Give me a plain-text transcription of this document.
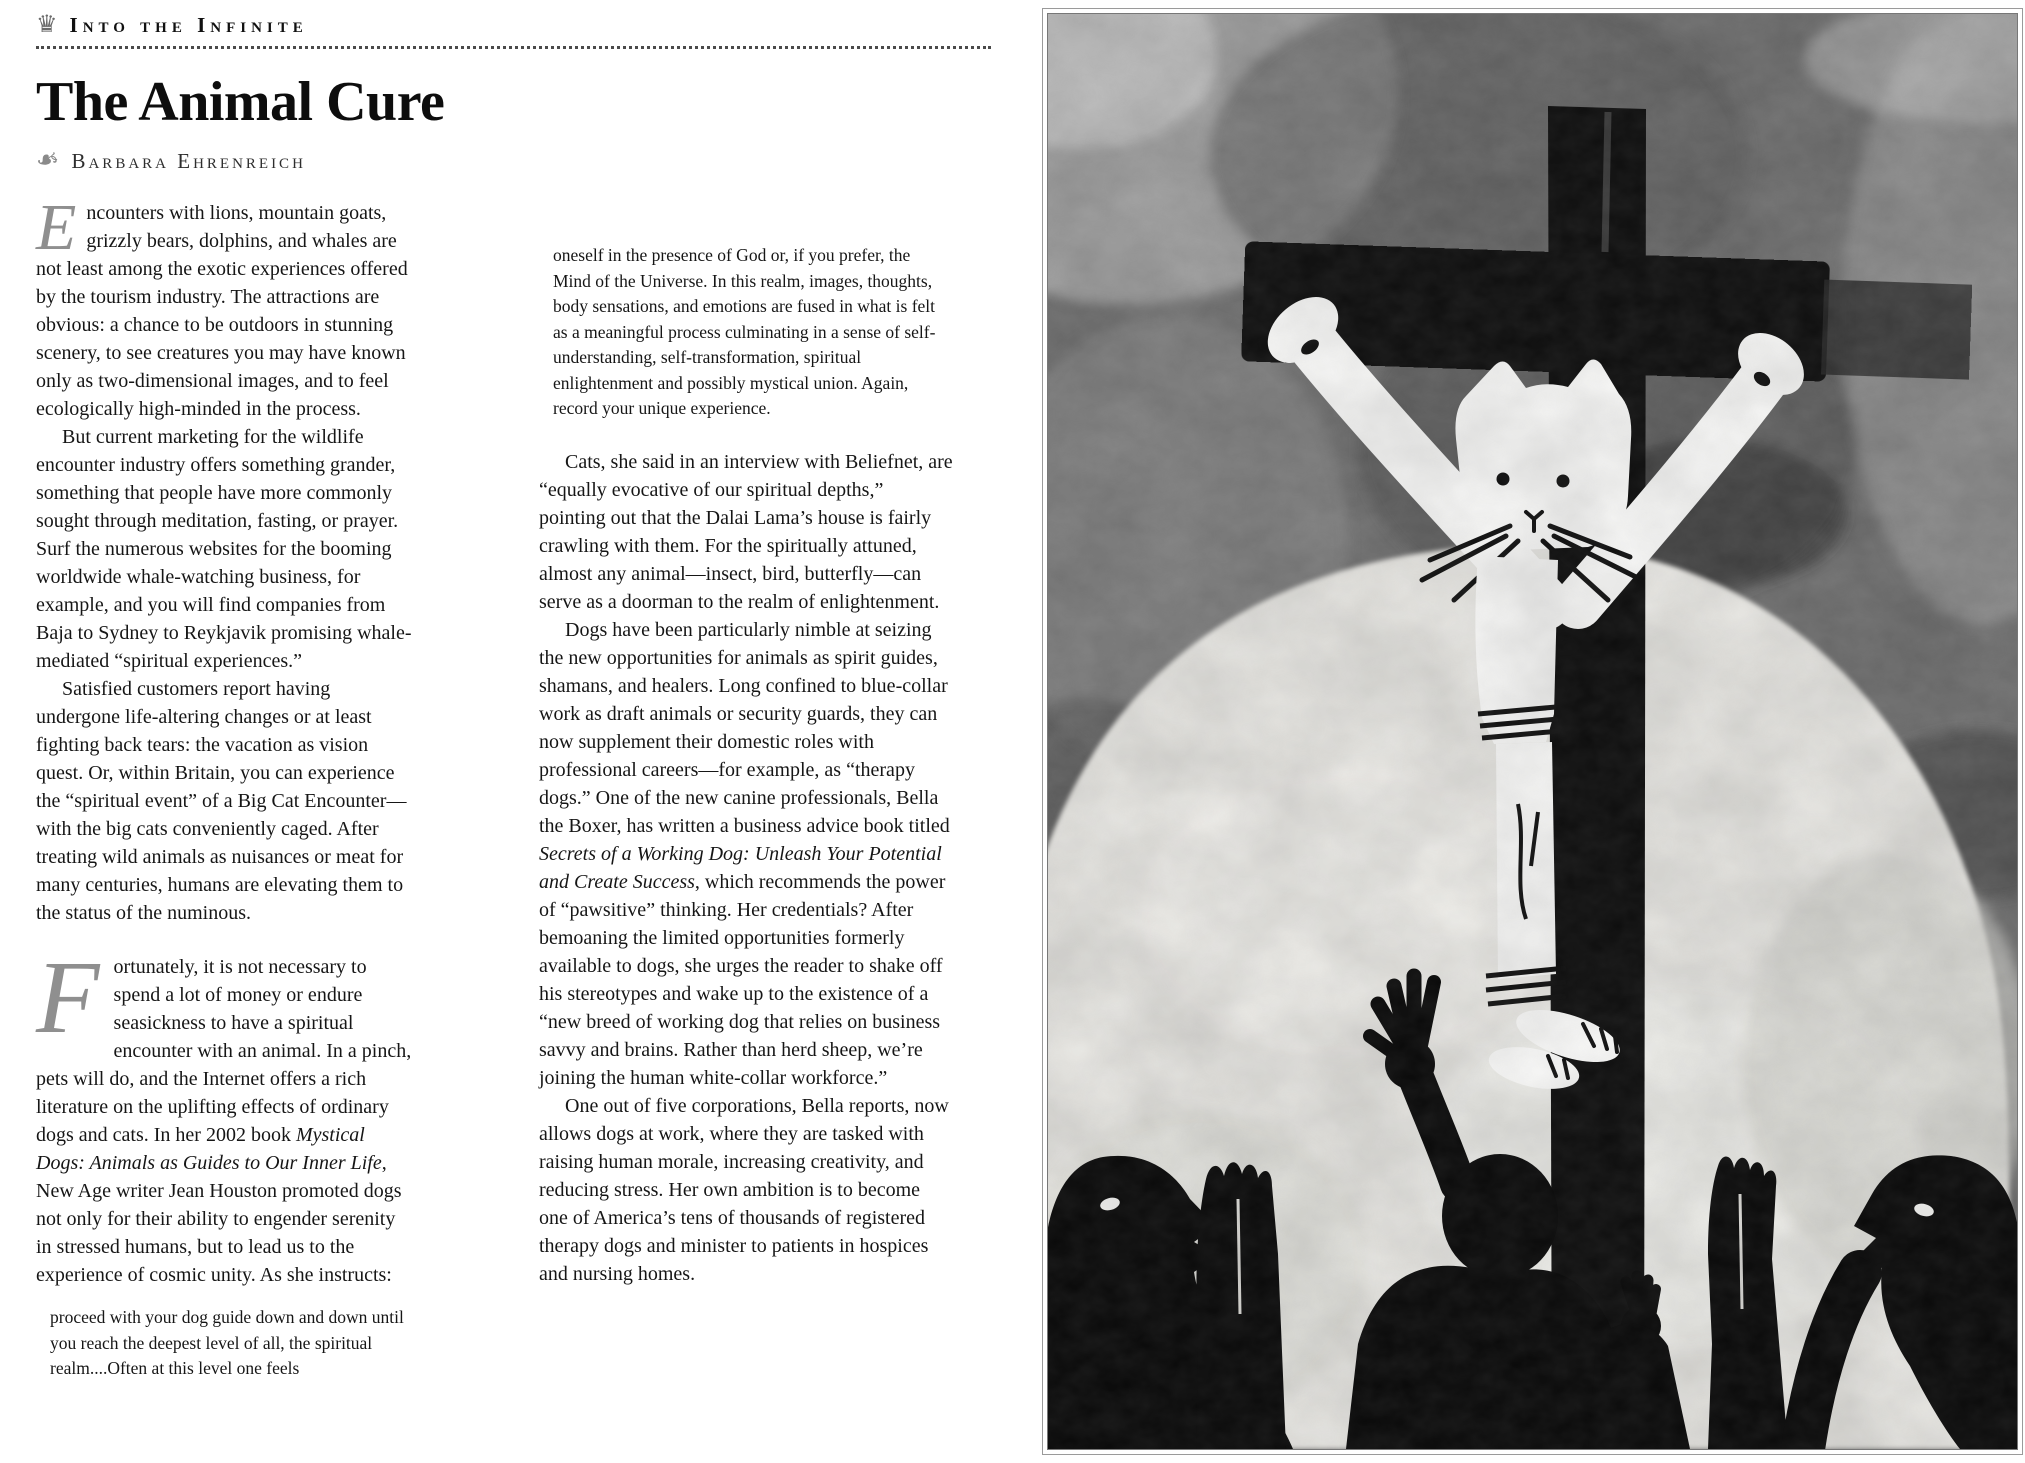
♛ Into the Infinite
The Animal Cure
❧ Barbara Ehrenreich

Encounters with lions, mountain goats, grizzly bears, dolphins, and whales are not least among the exotic experiences offered by the tourism industry. The attractions are obvious: a chance to be outdoors in stunning scenery, to see creatures you may have known only as two-dimensional images, and to feel ecologically high-minded in the process.

But current marketing for the wildlife encounter industry offers something grander, something that people have more commonly sought through meditation, fasting, or prayer. Surf the numerous websites for the booming worldwide whale-watching business, for example, and you will find companies from Baja to Sydney to Reykjavik promising whale-mediated “spiritual experiences.”

Satisfied customers report having undergone life-altering changes or at least fighting back tears: the vacation as vision quest. Or, within Britain, you can experience the “spiritual event” of a Big Cat Encounter—with the big cats conveniently caged. After treating wild animals as nuisances or meat for many centuries, humans are elevating them to the status of the numinous.

Fortunately, it is not necessary to spend a lot of money or endure seasickness to have a spiritual encounter with an animal. In a pinch, pets will do, and the Internet offers a rich literature on the uplifting effects of ordinary dogs and cats. In her 2002 book Mystical Dogs: Animals as Guides to Our Inner Life, New Age writer Jean Houston promoted dogs not only for their ability to engender serenity in stressed humans, but to lead us to the experience of cosmic unity. As she instructs:

proceed with your dog guide down and down until you reach the deepest level of all, the spiritual realm....Often at this level one feels

oneself in the presence of God or, if you prefer, the Mind of the Universe. In this realm, images, thoughts, body sensations, and emotions are fused in what is felt as a meaningful process culminating in a sense of self-understanding, self-transformation, spiritual enlightenment and possibly mystical union. Again, record your unique experience.

Cats, she said in an interview with Beliefnet, are “equally evocative of our spiritual depths,” pointing out that the Dalai Lama’s house is fairly crawling with them. For the spiritually attuned, almost any animal—insect, bird, butterfly—can serve as a doorman to the realm of enlightenment.

Dogs have been particularly nimble at seizing the new opportunities for animals as spirit guides, shamans, and healers. Long confined to blue-collar work as draft animals or security guards, they can now supplement their domestic roles with professional careers—for example, as “therapy dogs.” One of the new canine professionals, Bella the Boxer, has written a business advice book titled Secrets of a Working Dog: Unleash Your Potential and Create Success, which recommends the power of “pawsitive” thinking. Her credentials? After bemoaning the limited opportunities formerly available to dogs, she urges the reader to shake off his stereotypes and wake up to the existence of a “new breed of working dog that relies on business savvy and brains. Rather than herd sheep, we’re joining the human white-collar workforce.”

One out of five corporations, Bella reports, now allows dogs at work, where they are tasked with raising human morale, increasing creativity, and reducing stress. Her own ambition is to become one of America’s tens of thousands of registered therapy dogs and minister to patients in hospices and nursing homes.
